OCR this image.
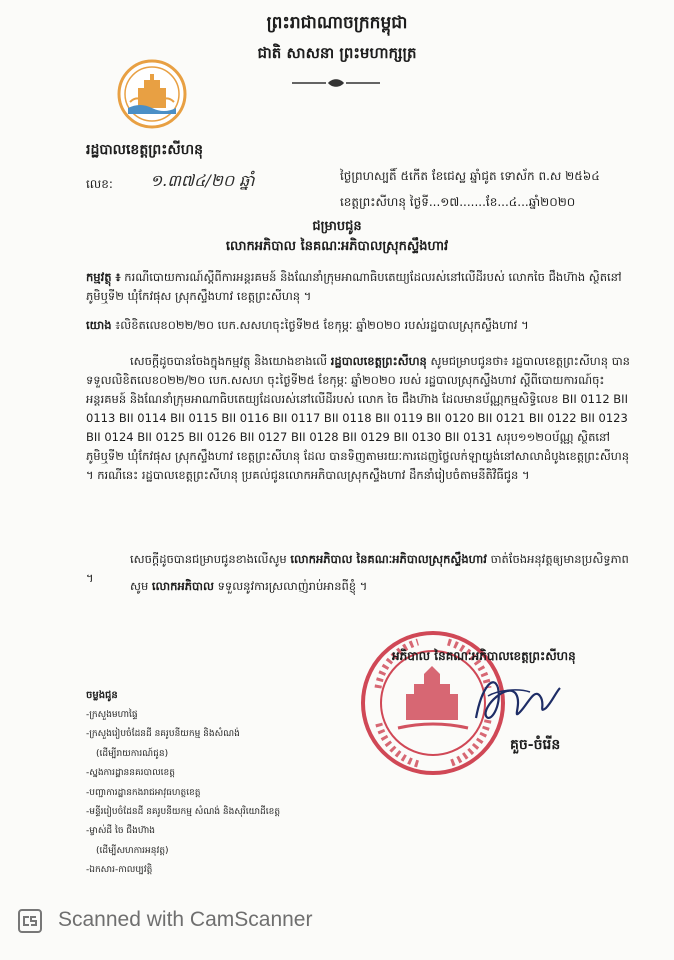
ព្រះរាជាណាចក្រកម្ពុជា
ជាតិ សាសនា ព្រះមហាក្សត្រ
រដ្ឋបាលខេត្តព្រះសីហនុ
លេខ: ១.៣៧៤/២០ ឆ្នាំ	ថ្ងៃព្រហស្បតិ៍ ៥កើត ខែជេស្ឋ ឆ្នាំជូត ទោស័ក ព.ស ២៥៦៤
ខេត្តព្រះសីហនុ ថ្ងៃទី...១៧.......ខែ...៤...ឆ្នាំ២០២០
ជម្រាបជូន
លោកអភិបាល នៃគណៈអភិបាលស្រុកស្ទឹងហាវ
កម្មវត្ថុ ៖ ករណីបោយការណ៍ស្តីពីការអន្តរគមន៍ និងណែនាំក្រុមអាណាធិបតេយ្យដែលរស់នៅលើដីរបស់ លោកចៃ ជឹងហ៊ាង ស្ថិតនៅភូមិឬទី២ ឃុំកែវផុស ស្រុកស្ទឹងហាវ ខេត្តព្រះសីហនុ ។
យោង ៖លិខិតលេខ០២២/២០ បេក.សសហចុះថ្ងៃទី២៥ ខែកុម្ភៈ ឆ្នាំ២០២០ របស់រដ្ឋបាលស្រុកស្ទឹងហាវ ។
សេចក្តីដូចបានចែងក្នុងកម្មវត្ថុ និងយោងខាងលើ រដ្ឋបាលខេត្តព្រះសីហនុ សូមជម្រាបជូនថា៖ រដ្ឋបាលខេត្តព្រះសីហនុ បានទទួលលិខិតលេខ០២២/២០ បេក.សសហ ចុះថ្ងៃទី២៥ ខែកុម្ភៈ ឆ្នាំ២០២០ របស់ រដ្ឋបាលស្រុកស្ទឹងហាវ ស្តីពីបោយការណ៍ចុះអន្តរគមន៍ និងណែនាំក្រុមអាណាធិបតេយ្យដែលរស់នៅលើដីរបស់ លោក ចៃ ជឹងហ៊ាង ដែលមានប័ណ្ណកម្មសិទ្ធិលេខ BII 0112 BII 0113 BII 0114 BII 0115 BII 0116 BII 0117 BII 0118 BII 0119 BII 0120 BII 0121 BII 0122 BII 0123 BII 0124 BII 0125 BII 0126 BII 0127 BII 0128 BII 0129 BII 0130 BII 0131 សរុប១១២០ប័ណ្ណ ស្ថិតនៅភូមិឬទី២ ឃុំកែវផុស ស្រុកស្ទឹងហាវ ខេត្តព្រះសីហនុ ដែល បានទិញតាមរយៈការដេញថ្លៃលក់ឡាយ្លង់នៅសាលាដំបូងខេត្តព្រះសីហនុ ។ ករណីនេះ រដ្ឋបាលខេត្តព្រះសីហនុ ប្រគល់ជូនលោកអភិបាលស្រុកស្ទឹងហាវ ដឹកនាំរៀបចំតាមនីតិវិធីជូន ។
សេចក្តីដូចបានជម្រាបជូនខាងលើសូម លោកអភិបាល នៃគណៈអភិបាលស្រុកស្ទឹងហាវ ចាត់ចែងអនុវត្តឲ្យមានប្រសិទ្ធភាព ។
សូម លោកអភិបាល ទទួលនូវការស្រលាញ់រាប់អានពីខ្ញុំ ។
អភិបាល នៃគណៈអភិបាលខេត្តព្រះសីហនុ
គួច-ចំរើន
ចម្លងជូន
-ក្រសួងមហាផ្ទៃ
-ក្រសួងរៀបចំដែនដី នគរូបនីយកម្ម និងសំណង់
(ដើម្បីរាយការណ៍ជូន)
-ស្នងការដ្ឋាននគរបាលខេត្ត
-បញ្ជាការដ្ឋានកងរាជអាវុធហត្ថខេត្ត
-មន្ទីររៀបចំដែនដី នគរូបនីយកម្ម សំណង់ និងសុរិយោដីខេត្ត
-ម្ចាស់ដី ចៃ ជឹងហ៊ាង
(ដើម្បីសហការអនុវត្ត)
-ឯកសារ-កាលប្បវត្តិ
Scanned with CamScanner
